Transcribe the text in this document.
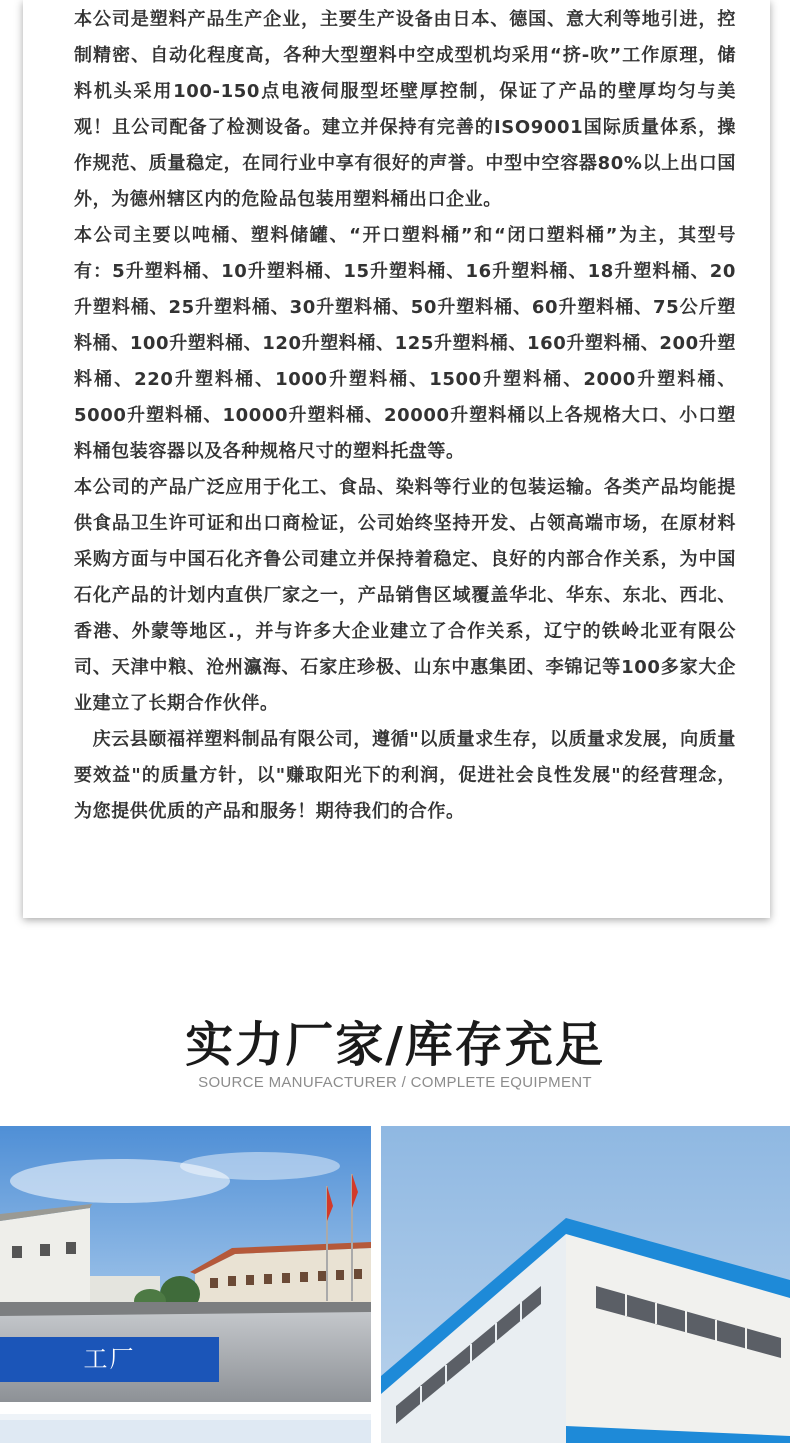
本公司是塑料产品生产企业，主要生产设备由日本、德国、意大利等地引进，控制精密、自动化程度高，各种大型塑料中空成型机均采用“挤-吹”工作原理，储料机头采用100-150点电液伺服型坯壁厚控制，保证了产品的壁厚均匀与美观！且公司配备了检测设备。建立并保持有完善的ISO9001国际质量体系，操作规范、质量稳定，在同行业中享有很好的声誉。中型中空容器80%以上出口国外，为德州辖区内的危险品包装用塑料桶出口企业。

本公司主要以吨桶、塑料储罐、“开口塑料桶”和“闭口塑料桶”为主，其型号有：5升塑料桶、10升塑料桶、15升塑料桶、16升塑料桶、18升塑料桶、20升塑料桶、25升塑料桶、30升塑料桶、50升塑料桶、60升塑料桶、75公斤塑料桶、100升塑料桶、120升塑料桶、125升塑料桶、160升塑料桶、200升塑料桶、220升塑料桶、1000升塑料桶、1500升塑料桶、2000升塑料桶、5000升塑料桶、10000升塑料桶、20000升塑料桶以上各规格大口、小口塑料桶包装容器以及各种规格尺寸的塑料托盘等。

本公司的产品广泛应用于化工、食品、染料等行业的包装运输。各类产品均能提供食品卫生许可证和出口商检证，公司始终坚持开发、占领高端市场，在原材料采购方面与中国石化齐鲁公司建立并保持着稳定、良好的内部合作关系，为中国石化产品的计划内直供厂家之一，产品销售区域覆盖华北、华东、东北、西北、香港、外蒙等地区.，并与许多大企业建立了合作关系，辽宁的铁岭北亚有限公司、天津中粮、沧州瀛海、石家庄珍极、山东中惠集团、李锦记等100多家大企业建立了长期合作伙伴。

　庆云县颐福祥塑料制品有限公司，遵循"以质量求生存，以质量求发展，向质量要效益"的质量方针，以"赚取阳光下的利润，促进社会良性发展"的经营理念，为您提供优质的产品和服务！期待我们的合作。

实力厂家/库存充足
SOURCE MANUFACTURER / COMPLETE EQUIPMENT
工厂
